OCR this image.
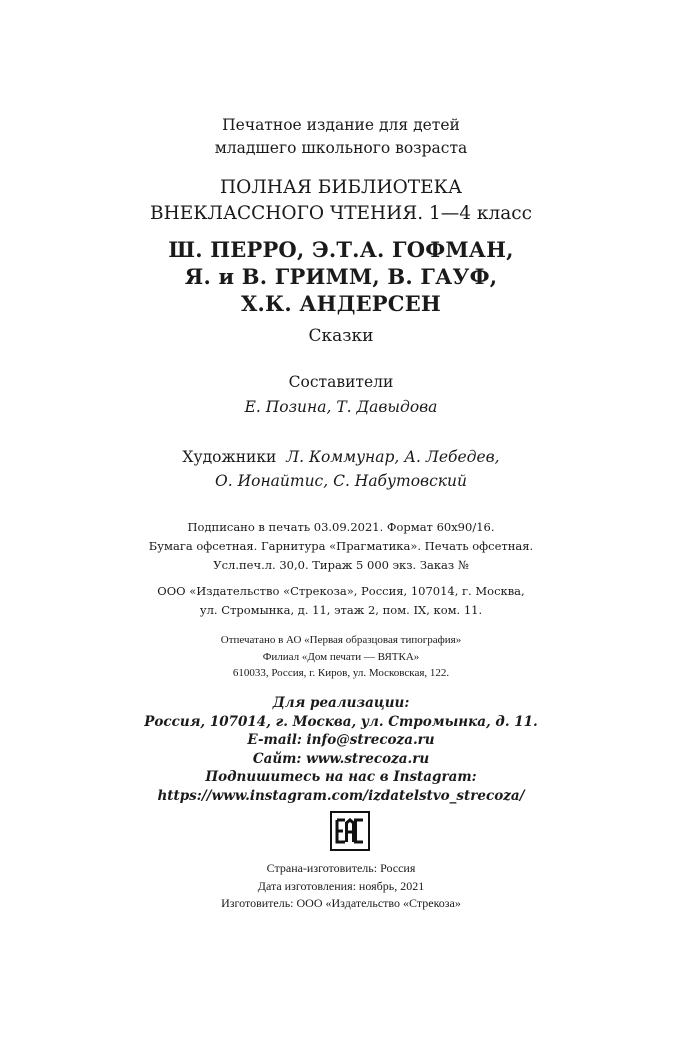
Печатное издание для детей
младшего школьного возраста
ПОЛНАЯ БИБЛИОТЕКА
ВНЕКЛАССНОГО ЧТЕНИЯ. 1—4 класс
Ш. ПЕРРО, Э.Т.А. ГОФМАН,
Я. и В. ГРИММ, В. ГАУФ,
Х.К. АНДЕРСЕН
Сказки
Составители
Е. Позина, Т. Давыдова
Художники Л. Коммунар, А. Лебедев,
О. Ионайтис, С. Набутовский
Подписано в печать 03.09.2021. Формат 60х90/16.
Бумага офсетная. Гарнитура «Прагматика». Печать офсетная.
Усл.печ.л. 30,0. Тираж 5 000 экз. Заказ №
ООО «Издательство «Стрекоза», Россия, 107014, г. Москва,
ул. Стромынка, д. 11, этаж 2, пом. IX, ком. 11.
Отпечатано в АО «Первая образцовая типография»
Филиал «Дом печати — ВЯТКА»
610033, Россия, г. Киров, ул. Московская, 122.
Для реализации:
Россия, 107014, г. Москва, ул. Стромынка, д. 11.
E-mail: info@strecoza.ru
Сайт: www.strecoza.ru
Подпишитесь на нас в Instagram:
https://www.instagram.com/izdatelstvo_strecoza/
Страна-изготовитель: Россия
Дата изготовления: ноябрь, 2021
Изготовитель: ООО «Издательство «Стрекоза»
